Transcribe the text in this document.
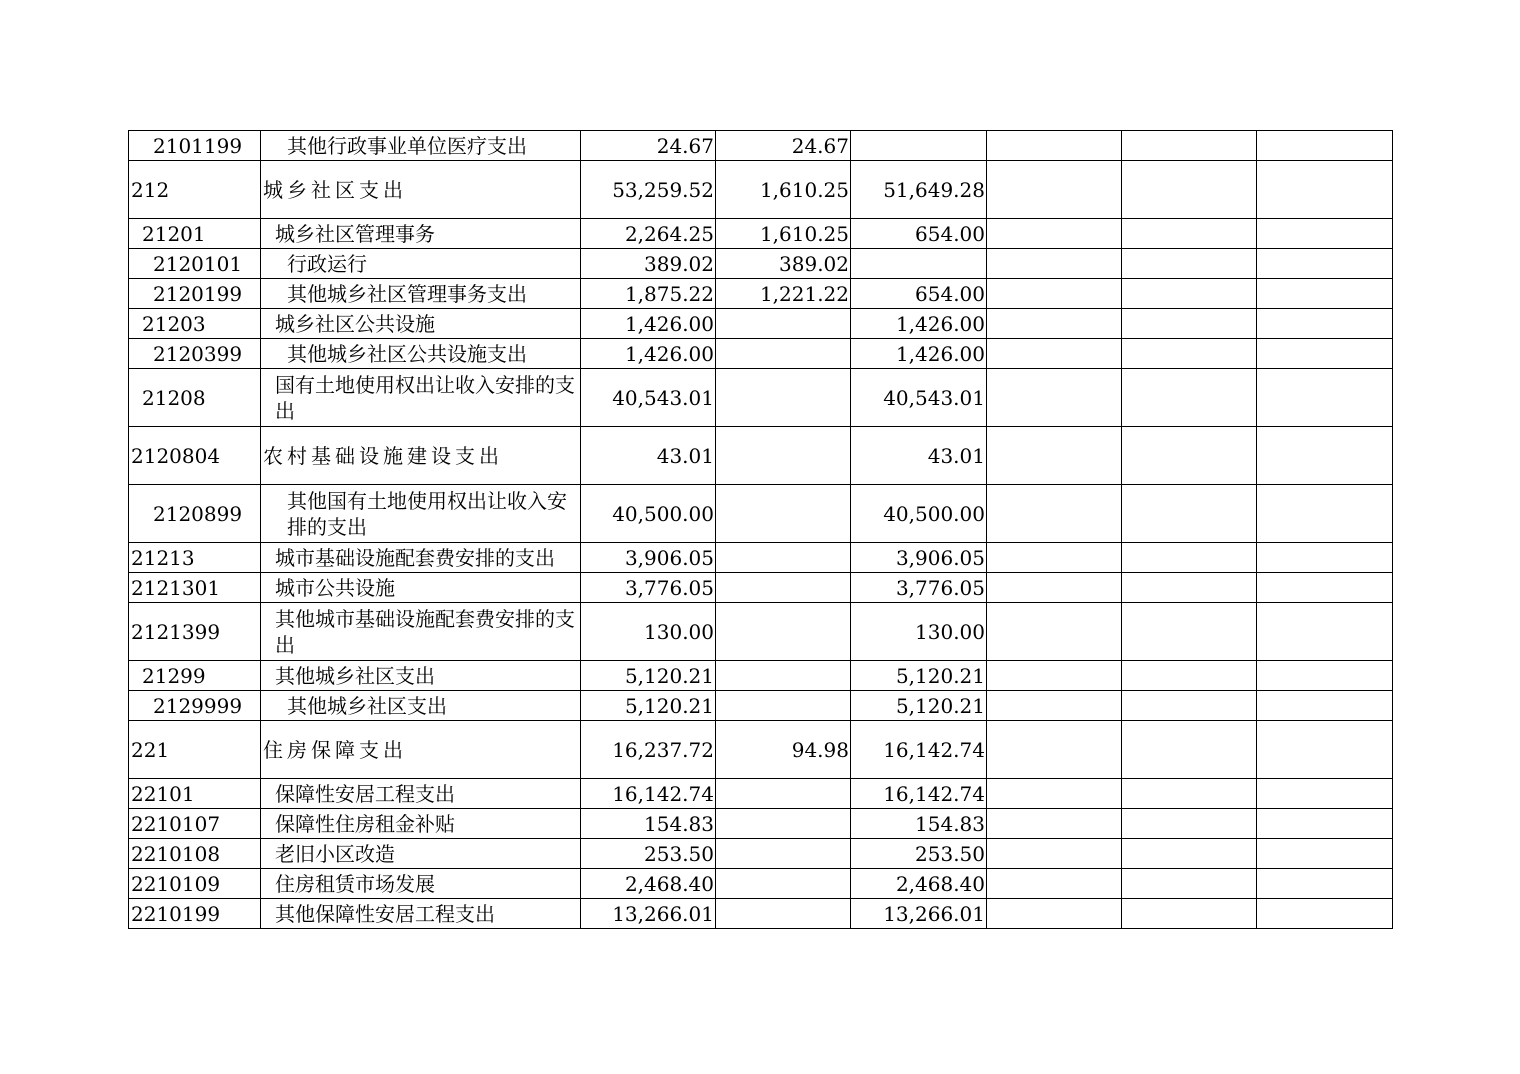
2101199	其他行政事业单位医疗支出	24.67	24.67				
212	城乡社区支出	53,259.52	1,610.25	51,649.28			
21201	城乡社区管理事务	2,264.25	1,610.25	654.00			
2120101	行政运行	389.02	389.02				
2120199	其他城乡社区管理事务支出	1,875.22	1,221.22	654.00			
21203	城乡社区公共设施	1,426.00		1,426.00			
2120399	其他城乡社区公共设施支出	1,426.00		1,426.00			
21208	国有土地使用权出让收入安排的支出	40,543.01		40,543.01			
2120804	农村基础设施建设支出	43.01		43.01			
2120899	其他国有土地使用权出让收入安排的支出	40,500.00		40,500.00			
21213	城市基础设施配套费安排的支出	3,906.05		3,906.05			
2121301	城市公共设施	3,776.05		3,776.05			
2121399	其他城市基础设施配套费安排的支出	130.00		130.00			
21299	其他城乡社区支出	5,120.21		5,120.21			
2129999	其他城乡社区支出	5,120.21		5,120.21			
221	住房保障支出	16,237.72	94.98	16,142.74			
22101	保障性安居工程支出	16,142.74		16,142.74			
2210107	保障性住房租金补贴	154.83		154.83			
2210108	老旧小区改造	253.50		253.50			
2210109	住房租赁市场发展	2,468.40		2,468.40			
2210199	其他保障性安居工程支出	13,266.01		13,266.01			
